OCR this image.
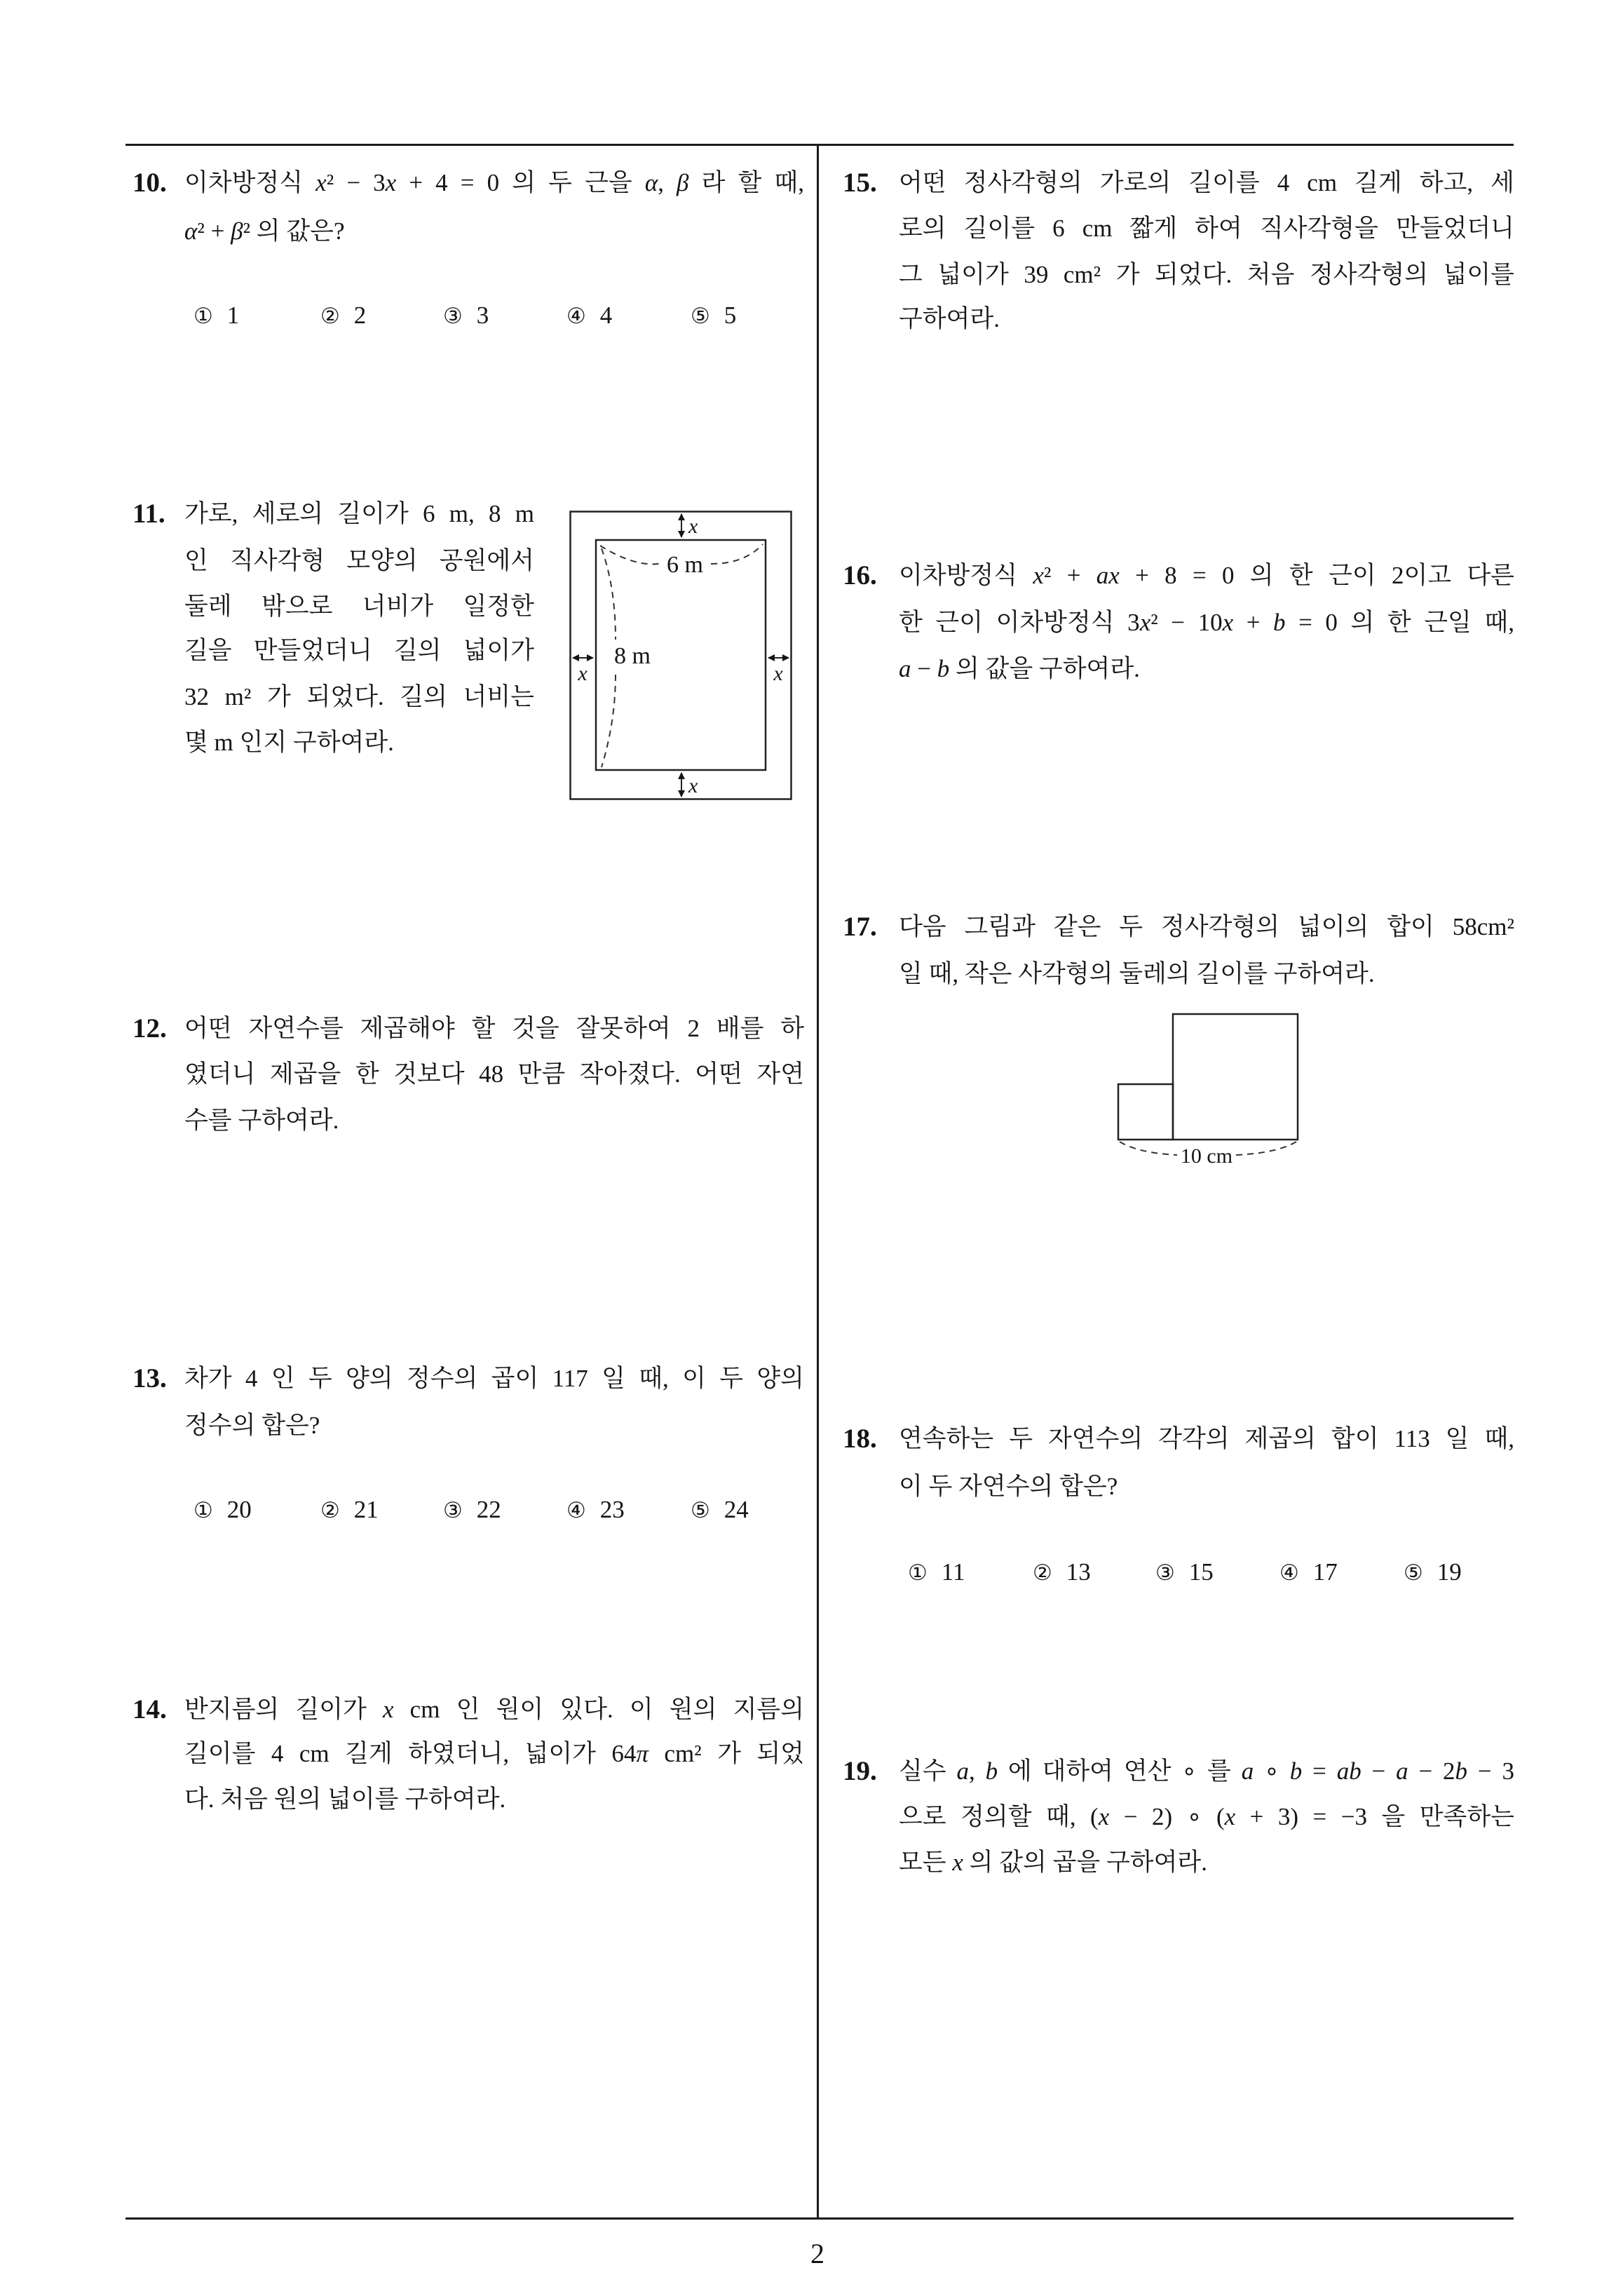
10. 이차방정식 x² − 3x + 4 = 0 의 두 근을 α, β 라 할 때,
α² + β² 의 값은?
① 1	② 2	③ 3	④ 4	⑤ 5
11. 가로, 세로의 길이가 6 m, 8 m
인 직사각형 모양의 공원에서
둘레 밖으로 너비가 일정한
길을 만들었더니 길의 넓이가
32 m² 가 되었다. 길의 너비는
몇 m 인지 구하여라.
x
x
x	x
6 m
8 m
12. 어떤 자연수를 제곱해야 할 것을 잘못하여 2 배를 하
였더니 제곱을 한 것보다 48 만큼 작아졌다. 어떤 자연
수를 구하여라.
13. 차가 4 인 두 양의 정수의 곱이 117 일 때, 이 두 양의
정수의 합은?
① 20	② 21	③ 22	④ 23	⑤ 24
14. 반지름의 길이가 x cm 인 원이 있다. 이 원의 지름의
길이를 4 cm 길게 하였더니, 넓이가 64π cm² 가 되었
다. 처음 원의 넓이를 구하여라.
15. 어떤 정사각형의 가로의 길이를 4 cm 길게 하고, 세
로의 길이를 6 cm 짧게 하여 직사각형을 만들었더니
그 넓이가 39 cm² 가 되었다. 처음 정사각형의 넓이를
구하여라.
16. 이차방정식 x² + ax + 8 = 0 의 한 근이 2이고 다른
한 근이 이차방정식 3x² − 10x + b = 0 의 한 근일 때,
a − b 의 값을 구하여라.
17. 다음 그림과 같은 두 정사각형의 넓이의 합이 58cm²
일 때, 작은 사각형의 둘레의 길이를 구하여라.
10 cm
18. 연속하는 두 자연수의 각각의 제곱의 합이 113 일 때,
이 두 자연수의 합은?
① 11	② 13	③ 15	④ 17	⑤ 19
19. 실수 a, b 에 대하여 연산 ∘ 를 a ∘ b = ab − a − 2b − 3
으로 정의할 때, (x − 2) ∘ (x + 3) = −3 을 만족하는
모든 x 의 값의 곱을 구하여라.
2
